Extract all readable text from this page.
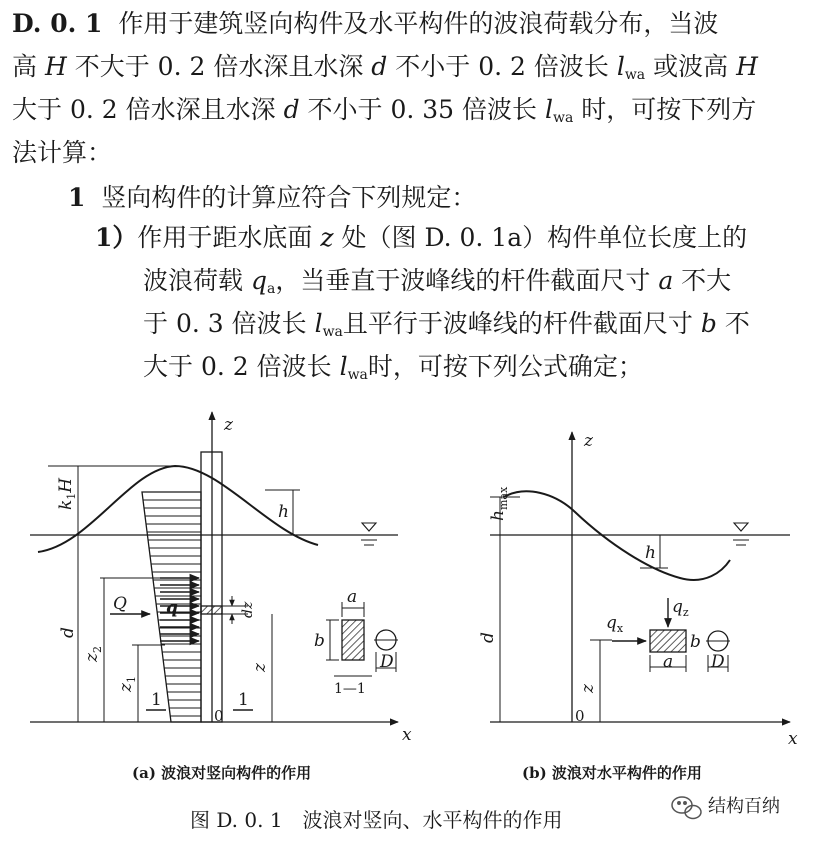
D. 0. 1 作用于建筑竖向构件及水平构件的波浪荷载分布，当波
高 H 不大于 0. 2 倍水深且水深 d 不小于 0. 2 倍波长 $l_{wa}$ 或波高 H
大于 0. 2 倍水深且水深 d 不小于 0. 35 倍波长 $l_{wa}$ 时，可按下列方
法计算：
1 竖向构件的计算应符合下列规定：
1）作用于距水底面 z 处（图 D. 0. 1a）构件单位长度上的
波浪荷载 $q_a$，当垂直于波峰线的杆件截面尺寸 a 不大
于 0. 3 倍波长 $l_{wa}$且平行于波峰线的杆件截面尺寸 b 不
大于 0. 2 倍波长 $l_{wa}$时，可按下列公式确定；
z
$k_1H$
h
d
Q q	dz
$z_2$
$z_1$
z
1	1
0
x
a
b
D
1—1
(a) 波浪对竖向构件的作用
z
$h_{max}$
h
d
z
$q_x$
$q_z$
a
b
D
0
x
(b) 波浪对水平构件的作用
图 D. 0. 1　波浪对竖向、水平构件的作用
结构百纳
